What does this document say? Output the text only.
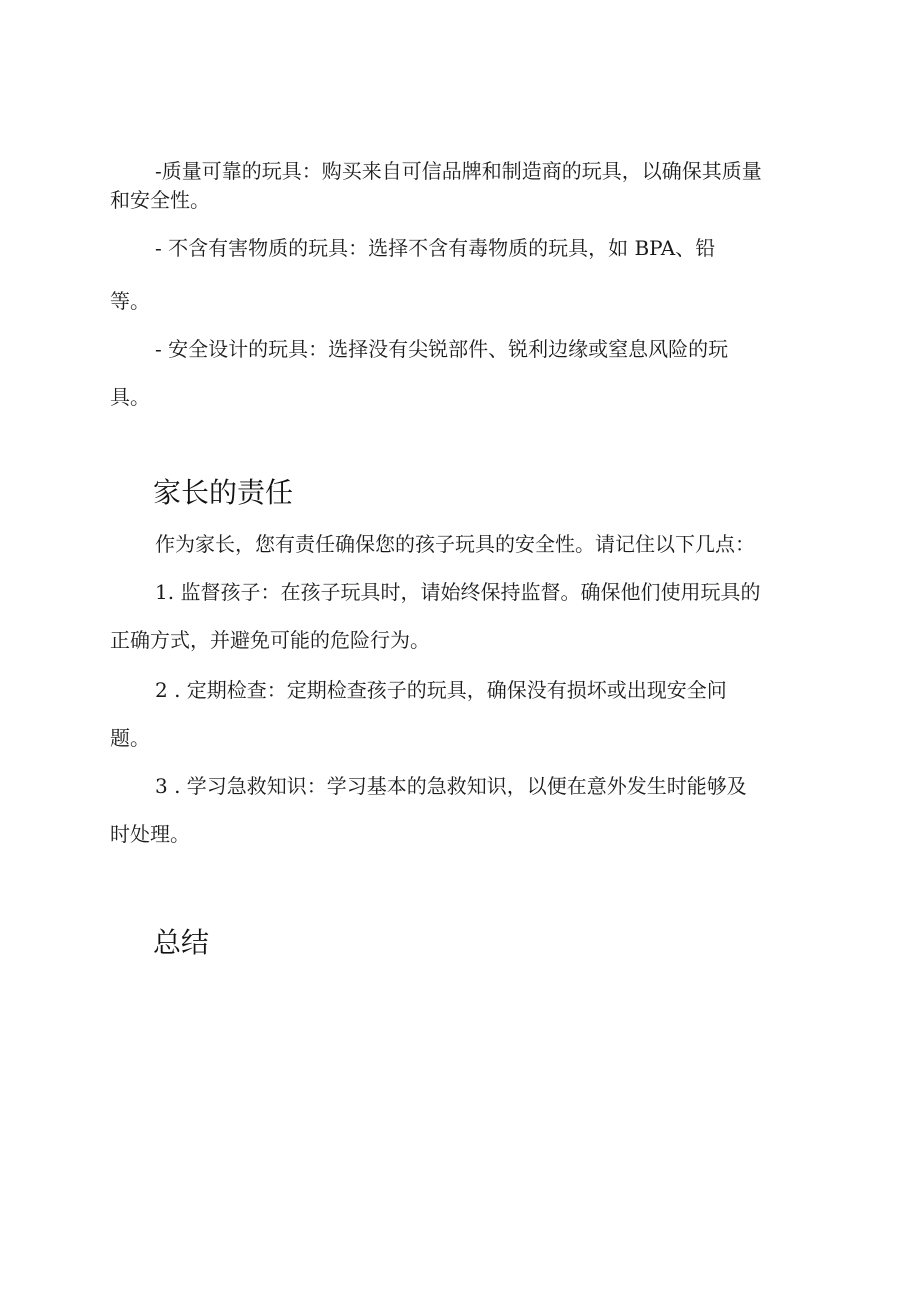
-质量可靠的玩具：购买来自可信品牌和制造商的玩具，以确保其质量

和安全性。

- 不含有害物质的玩具：选择不含有毒物质的玩具，如 BPA、铅

等。

- 安全设计的玩具：选择没有尖锐部件、锐利边缘或窒息风险的玩

具。

家长的责任

作为家长，您有责任确保您的孩子玩具的安全性。请记住以下几点：

1. 监督孩子：在孩子玩具时，请始终保持监督。确保他们使用玩具的

正确方式，并避免可能的危险行为。

2 . 定期检查：定期检查孩子的玩具，确保没有损坏或出现安全问

题。

3 . 学习急救知识：学习基本的急救知识，以便在意外发生时能够及

时处理。

总结
